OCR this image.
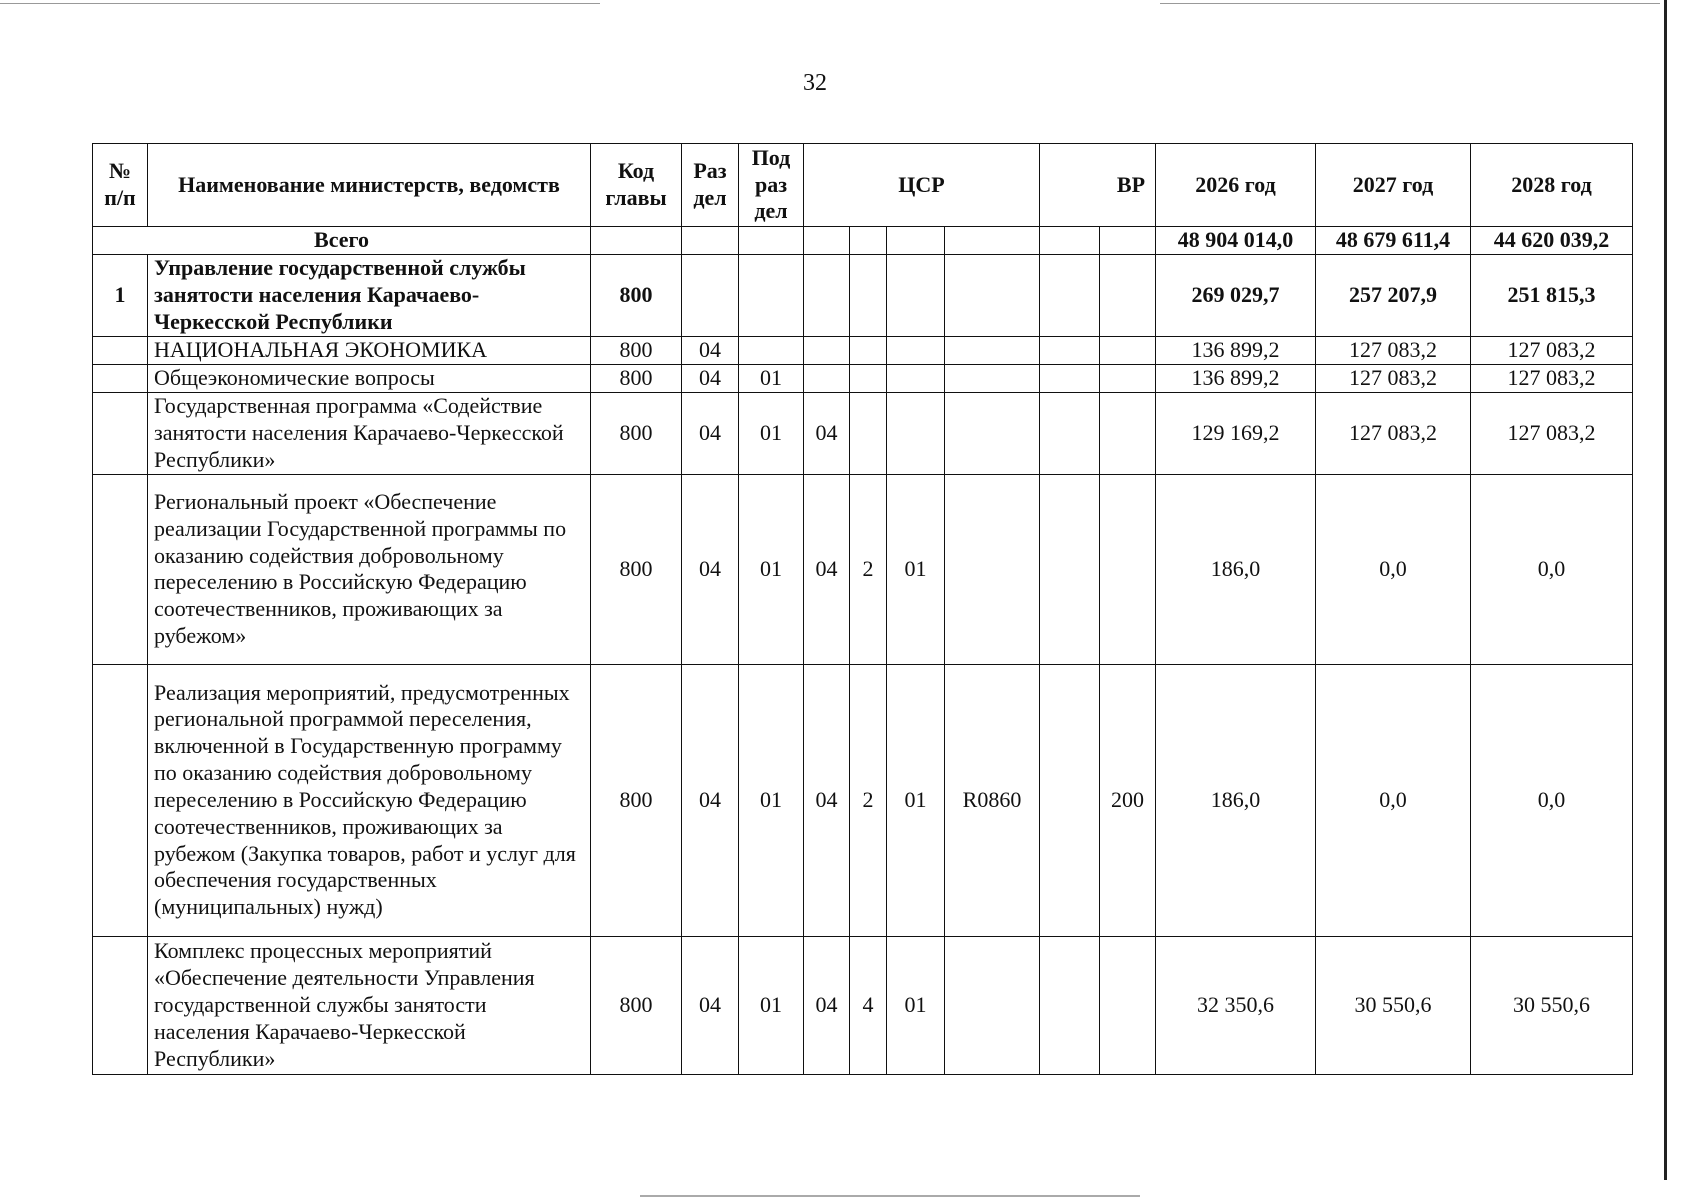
32
№ п/п	Наименование министерств, ведомств	Код главы	Раз дел	Под раз дел	ЦСР				ВР		2026 год	2027 год	2028 год
Всего											48 904 014,0	48 679 611,4	44 620 039,2
1	Управление государственной службы занятости населения Карачаево-Черкесской Республики	800									269 029,7	257 207,9	251 815,3
	НАЦИОНАЛЬНАЯ ЭКОНОМИКА	800	04								136 899,2	127 083,2	127 083,2
	Общеэкономические вопросы	800	04	01							136 899,2	127 083,2	127 083,2
	Государственная программа «Содействие занятости населения Карачаево-Черкесской Республики»	800	04	01	04						129 169,2	127 083,2	127 083,2
	Региональный проект «Обеспечение реализации Государственной программы по оказанию содействия добровольному переселению в Российскую Федерацию соотечественников, проживающих за рубежом»	800	04	01	04	2	01				186,0	0,0	0,0
	Реализация мероприятий, предусмотренных региональной программой переселения, включенной в Государственную программу по оказанию содействия добровольному переселению в Российскую Федерацию соотечественников, проживающих за рубежом (Закупка товаров, работ и услуг для обеспечения государственных (муниципальных) нужд)	800	04	01	04	2	01	R0860		200	186,0	0,0	0,0
	Комплекс процессных мероприятий «Обеспечение деятельности Управления государственной службы занятости населения Карачаево-Черкесской Республики»	800	04	01	04	4	01				32 350,6	30 550,6	30 550,6
